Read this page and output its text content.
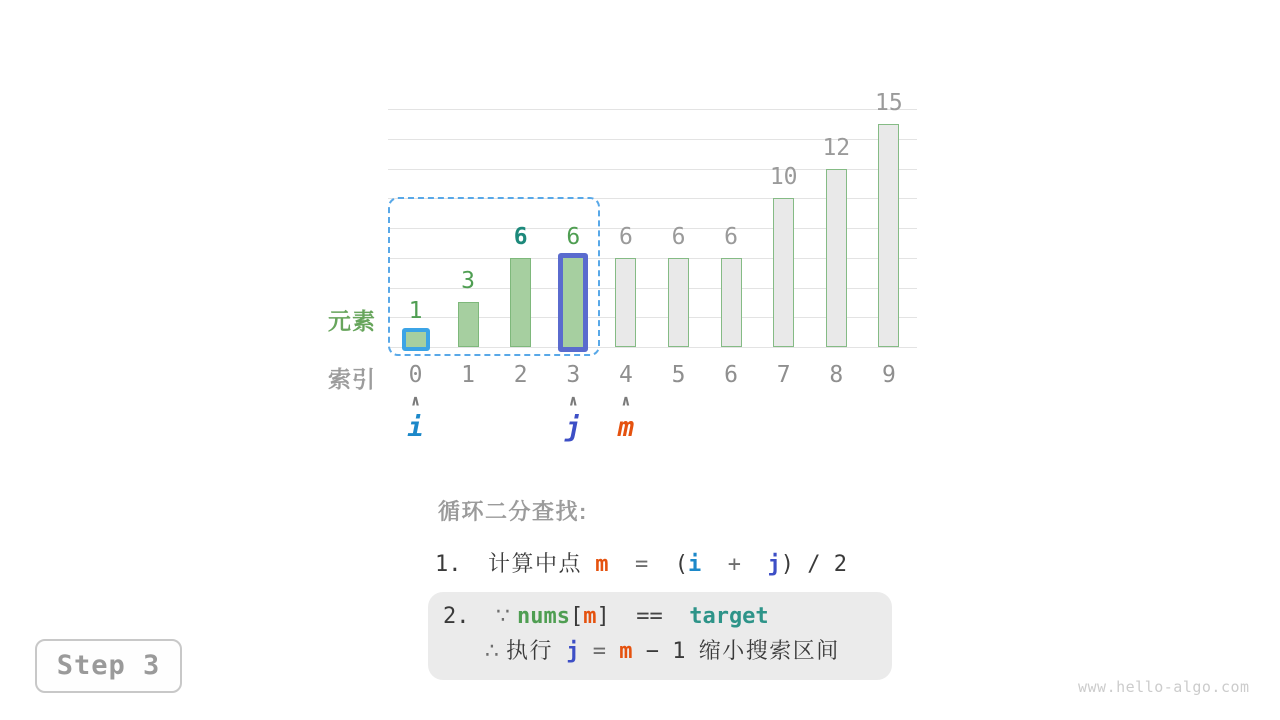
1
0
3
1
6
2
6
3
6
4
6
5
6
6
10
7
12
8
15
9
∧
i
∧
j
∧
m
元素
索引
循环二分查找:
1.  计算中点 m  =  (i  +  j) / 2
2.  ∵ nums[m]  ==  target
∴ 执行 j = m − 1 缩小搜索区间
Step 3
www.hello-algo.com
